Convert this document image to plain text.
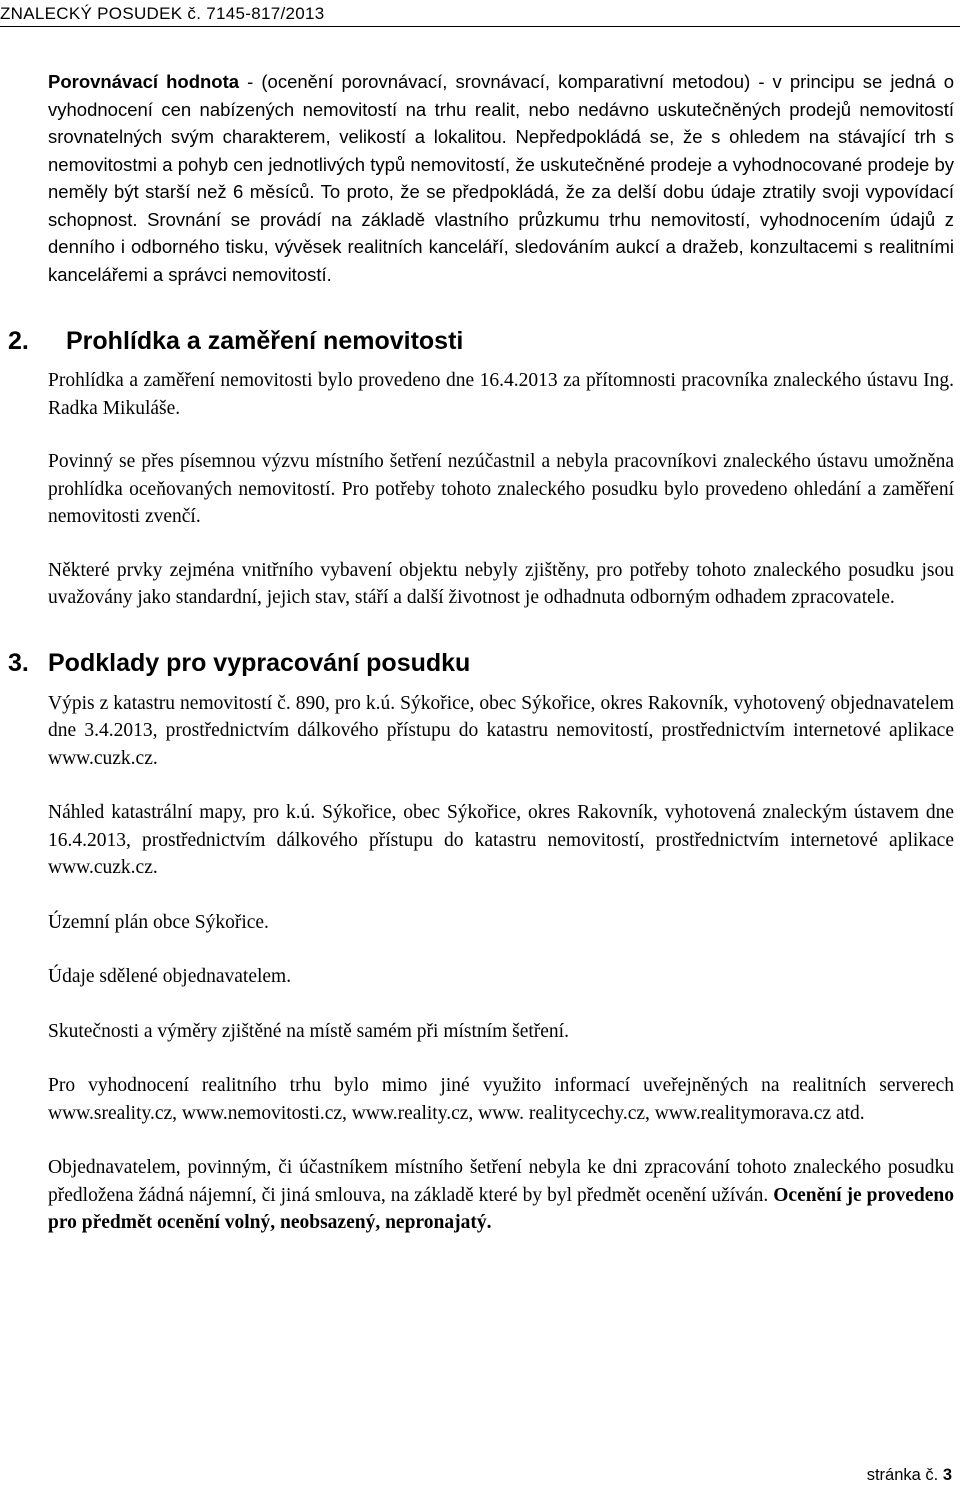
ZNALECKÝ POSUDEK č. 7145-817/2013

Porovnávací hodnota - (ocenění porovnávací, srovnávací, komparativní metodou) - v principu se jedná o vyhodnocení cen nabízených nemovitostí na trhu realit, nebo nedávno uskutečněných prodejů nemovitostí srovnatelných svým charakterem, velikostí a lokalitou. Nepředpokládá se, že s ohledem na stávající trh s nemovitostmi a pohyb cen jednotlivých typů nemovitostí, že uskutečněné prodeje a vyhodnocované prodeje by neměly být starší než 6 měsíců. To proto, že se předpokládá, že za delší dobu údaje ztratily svoji vypovídací schopnost. Srovnání se provádí na základě vlastního průzkumu trhu nemovitostí, vyhodnocením údajů z denního i odborného tisku, vývěsek realitních kanceláří, sledováním aukcí a dražeb, konzultacemi s realitními kancelářemi a správci nemovitostí.

2. Prohlídka a zaměření nemovitosti

Prohlídka a zaměření nemovitosti bylo provedeno dne 16.4.2013 za přítomnosti pracovníka znaleckého ústavu Ing. Radka Mikuláše.

Povinný se přes písemnou výzvu místního šetření nezúčastnil a nebyla pracovníkovi znaleckého ústavu umožněna prohlídka oceňovaných nemovitostí. Pro potřeby tohoto znaleckého posudku bylo provedeno ohledání a zaměření nemovitosti zvenčí.

Některé prvky zejména vnitřního vybavení objektu nebyly zjištěny, pro potřeby tohoto znaleckého posudku jsou uvažovány jako standardní, jejich stav, stáří a další životnost je odhadnuta odborným odhadem zpracovatele.

3. Podklady pro vypracování posudku

Výpis z katastru nemovitostí č. 890, pro k.ú. Sýkořice, obec Sýkořice, okres Rakovník, vyhotovený objednavatelem dne 3.4.2013, prostřednictvím dálkového přístupu do katastru nemovitostí, prostřednictvím internetové aplikace www.cuzk.cz.

Náhled katastrální mapy, pro k.ú. Sýkořice, obec Sýkořice, okres Rakovník, vyhotovená znaleckým ústavem dne 16.4.2013, prostřednictvím dálkového přístupu do katastru nemovitostí, prostřednictvím internetové aplikace www.cuzk.cz.

Územní plán obce Sýkořice.

Údaje sdělené objednavatelem.

Skutečnosti a výměry zjištěné na místě samém při místním šetření.

Pro vyhodnocení realitního trhu bylo mimo jiné využito informací uveřejněných na realitních serverech www.sreality.cz, www.nemovitosti.cz, www.reality.cz, www. realitycechy.cz, www.realitymorava.cz atd.

Objednavatelem, povinným, či účastníkem místního šetření nebyla ke dni zpracování tohoto znaleckého posudku předložena žádná nájemní, či jiná smlouva, na základě které by byl předmět ocenění užíván. Ocenění je provedeno pro předmět ocenění volný, neobsazený, nepronajatý.

stránka č. 3
